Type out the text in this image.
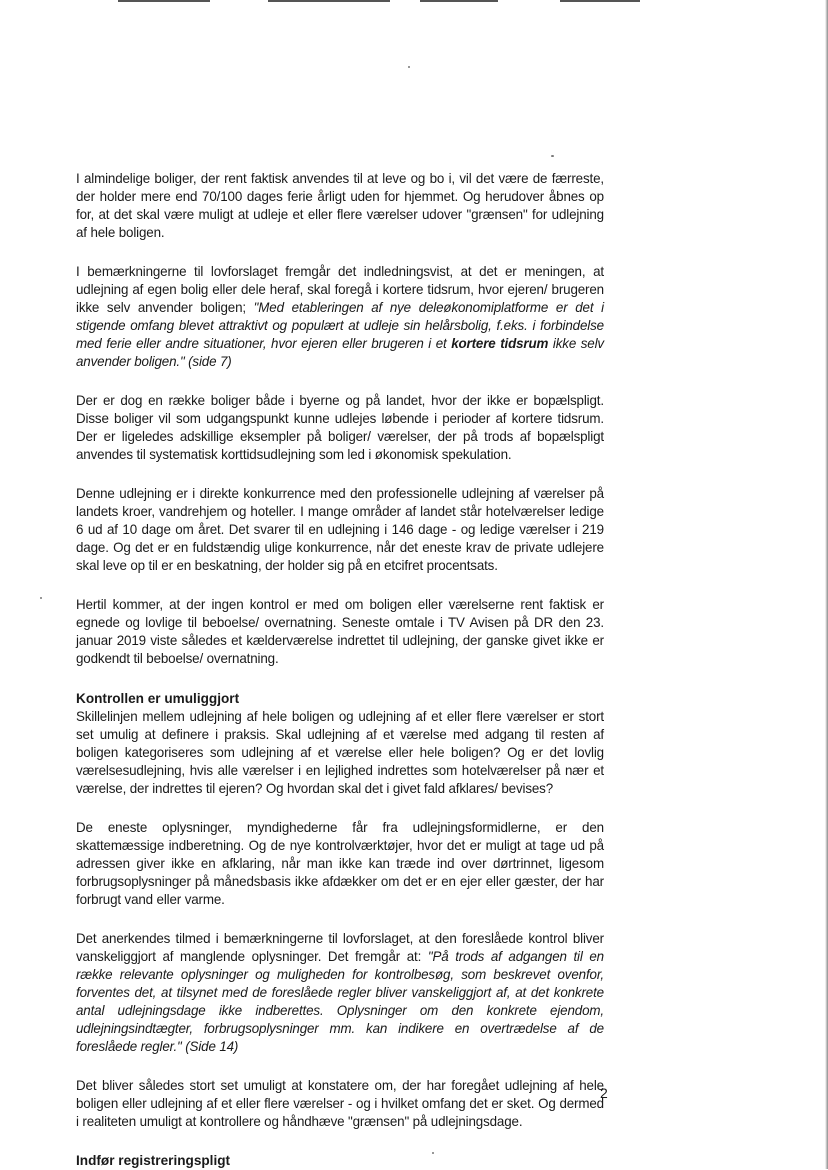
I almindelige boliger, der rent faktisk anvendes til at leve og bo i, vil det være de færreste, der holder mere end 70/100 dages ferie årligt uden for hjemmet. Og herudover åbnes op for, at det skal være muligt at udleje et eller flere værelser udover "grænsen" for udlejning af hele boligen.

I bemærkningerne til lovforslaget fremgår det indledningsvist, at det er meningen, at udlejning af egen bolig eller dele heraf, skal foregå i kortere tidsrum, hvor ejeren/ brugeren ikke selv anvender boligen; "Med etableringen af nye deleøkonomiplatforme er det i stigende omfang blevet attraktivt og populært at udleje sin helårsbolig, f.eks. i forbindelse med ferie eller andre situationer, hvor ejeren eller brugeren i et kortere tidsrum ikke selv anvender boligen." (side 7)

Der er dog en række boliger både i byerne og på landet, hvor der ikke er bopælspligt. Disse boliger vil som udgangspunkt kunne udlejes løbende i perioder af kortere tidsrum. Der er ligeledes adskillige eksempler på boliger/ værelser, der på trods af bopælspligt anvendes til systematisk korttidsudlejning som led i økonomisk spekulation.

Denne udlejning er i direkte konkurrence med den professionelle udlejning af værelser på landets kroer, vandrehjem og hoteller. I mange områder af landet står hotelværelser ledige 6 ud af 10 dage om året. Det svarer til en udlejning i 146 dage - og ledige værelser i 219 dage. Og det er en fuldstændig ulige konkurrence, når det eneste krav de private udlejere skal leve op til er en beskatning, der holder sig på en etcifret procentsats.

Hertil kommer, at der ingen kontrol er med om boligen eller værelserne rent faktisk er egnede og lovlige til beboelse/ overnatning. Seneste omtale i TV Avisen på DR den 23. januar 2019 viste således et kælderværelse indrettet til udlejning, der ganske givet ikke er godkendt til beboelse/ overnatning.

Kontrollen er umuliggjort

Skillelinjen mellem udlejning af hele boligen og udlejning af et eller flere værelser er stort set umulig at definere i praksis. Skal udlejning af et værelse med adgang til resten af boligen kategoriseres som udlejning af et værelse eller hele boligen? Og er det lovlig værelsesudlejning, hvis alle værelser i en lejlighed indrettes som hotelværelser på nær et værelse, der indrettes til ejeren? Og hvordan skal det i givet fald afklares/ bevises?

De eneste oplysninger, myndighederne får fra udlejningsformidlerne, er den skattemæssige indberetning. Og de nye kontrolværktøjer, hvor det er muligt at tage ud på adressen giver ikke en afklaring, når man ikke kan træde ind over dørtrinnet, ligesom forbrugsoplysninger på månedsbasis ikke afdækker om det er en ejer eller gæster, der har forbrugt vand eller varme.

Det anerkendes tilmed i bemærkningerne til lovforslaget, at den foreslåede kontrol bliver vanskeliggjort af manglende oplysninger. Det fremgår at: "På trods af adgangen til en række relevante oplysninger og muligheden for kontrolbesøg, som beskrevet ovenfor, forventes det, at tilsynet med de foreslåede regler bliver vanskeliggjort af, at det konkrete antal udlejningsdage ikke indberettes. Oplysninger om den konkrete ejendom, udlejningsindtægter, forbrugsoplysninger mm. kan indikere en overtrædelse af de foreslåede regler." (Side 14)

Det bliver således stort set umuligt at konstatere om, der har foregået udlejning af hele boligen eller udlejning af et eller flere værelser - og i hvilket omfang det er sket. Og dermed i realiteten umuligt at kontrollere og håndhæve "grænsen" på udlejningsdage.

Indfør registreringspligt
2
